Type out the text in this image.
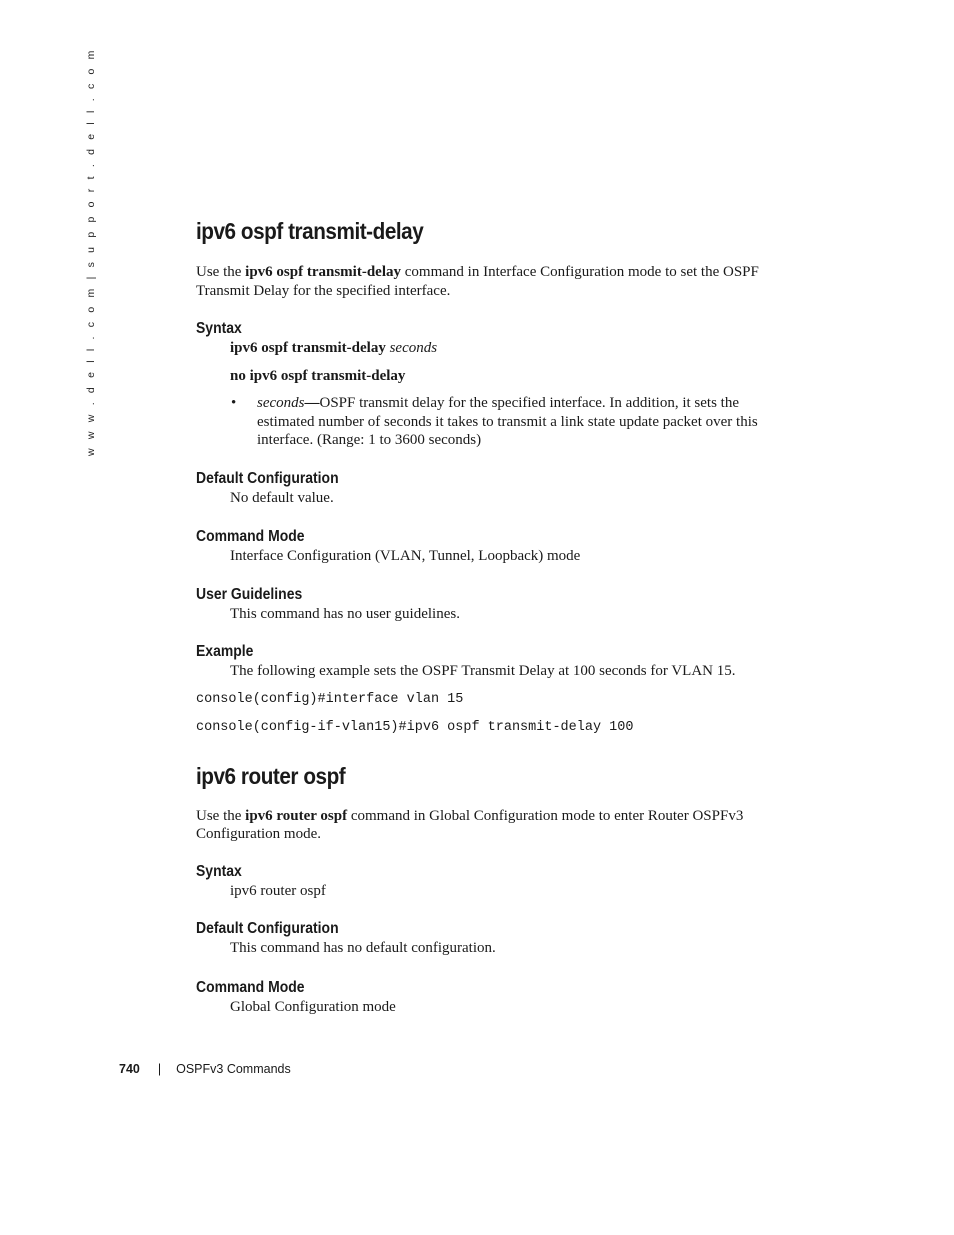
w w w . d e l l . c o m | s u p p o r t . d e l l . c o m	ipv6 ospf transmit-delay

Use the ipv6 ospf transmit-delay command in Interface Configuration mode to set the OSPF
Transmit Delay for the specified interface.

Syntax

ipv6 ospf transmit-delay seconds

no ipv6 ospf transmit-delay

• seconds—OSPF transmit delay for the specified interface. In addition, it sets the
estimated number of seconds it takes to transmit a link state update packet over this
interface. (Range: 1 to 3600 seconds)
Default Configuration

No default value.

Command Mode

Interface Configuration (VLAN, Tunnel, Loopback) mode

User Guidelines

This command has no user guidelines.

Example

The following example sets the OSPF Transmit Delay at 100 seconds for VLAN 15.

console(config)#interface vlan 15

console(config-if-vlan15)#ipv6 ospf transmit-delay 100

ipv6 router ospf

Use the ipv6 router ospf command in Global Configuration mode to enter Router OSPFv3
Configuration mode.

Syntax

ipv6 router ospf

Default Configuration

This command has no default configuration.

Command Mode

Global Configuration mode

740 | OSPFv3 Commands
